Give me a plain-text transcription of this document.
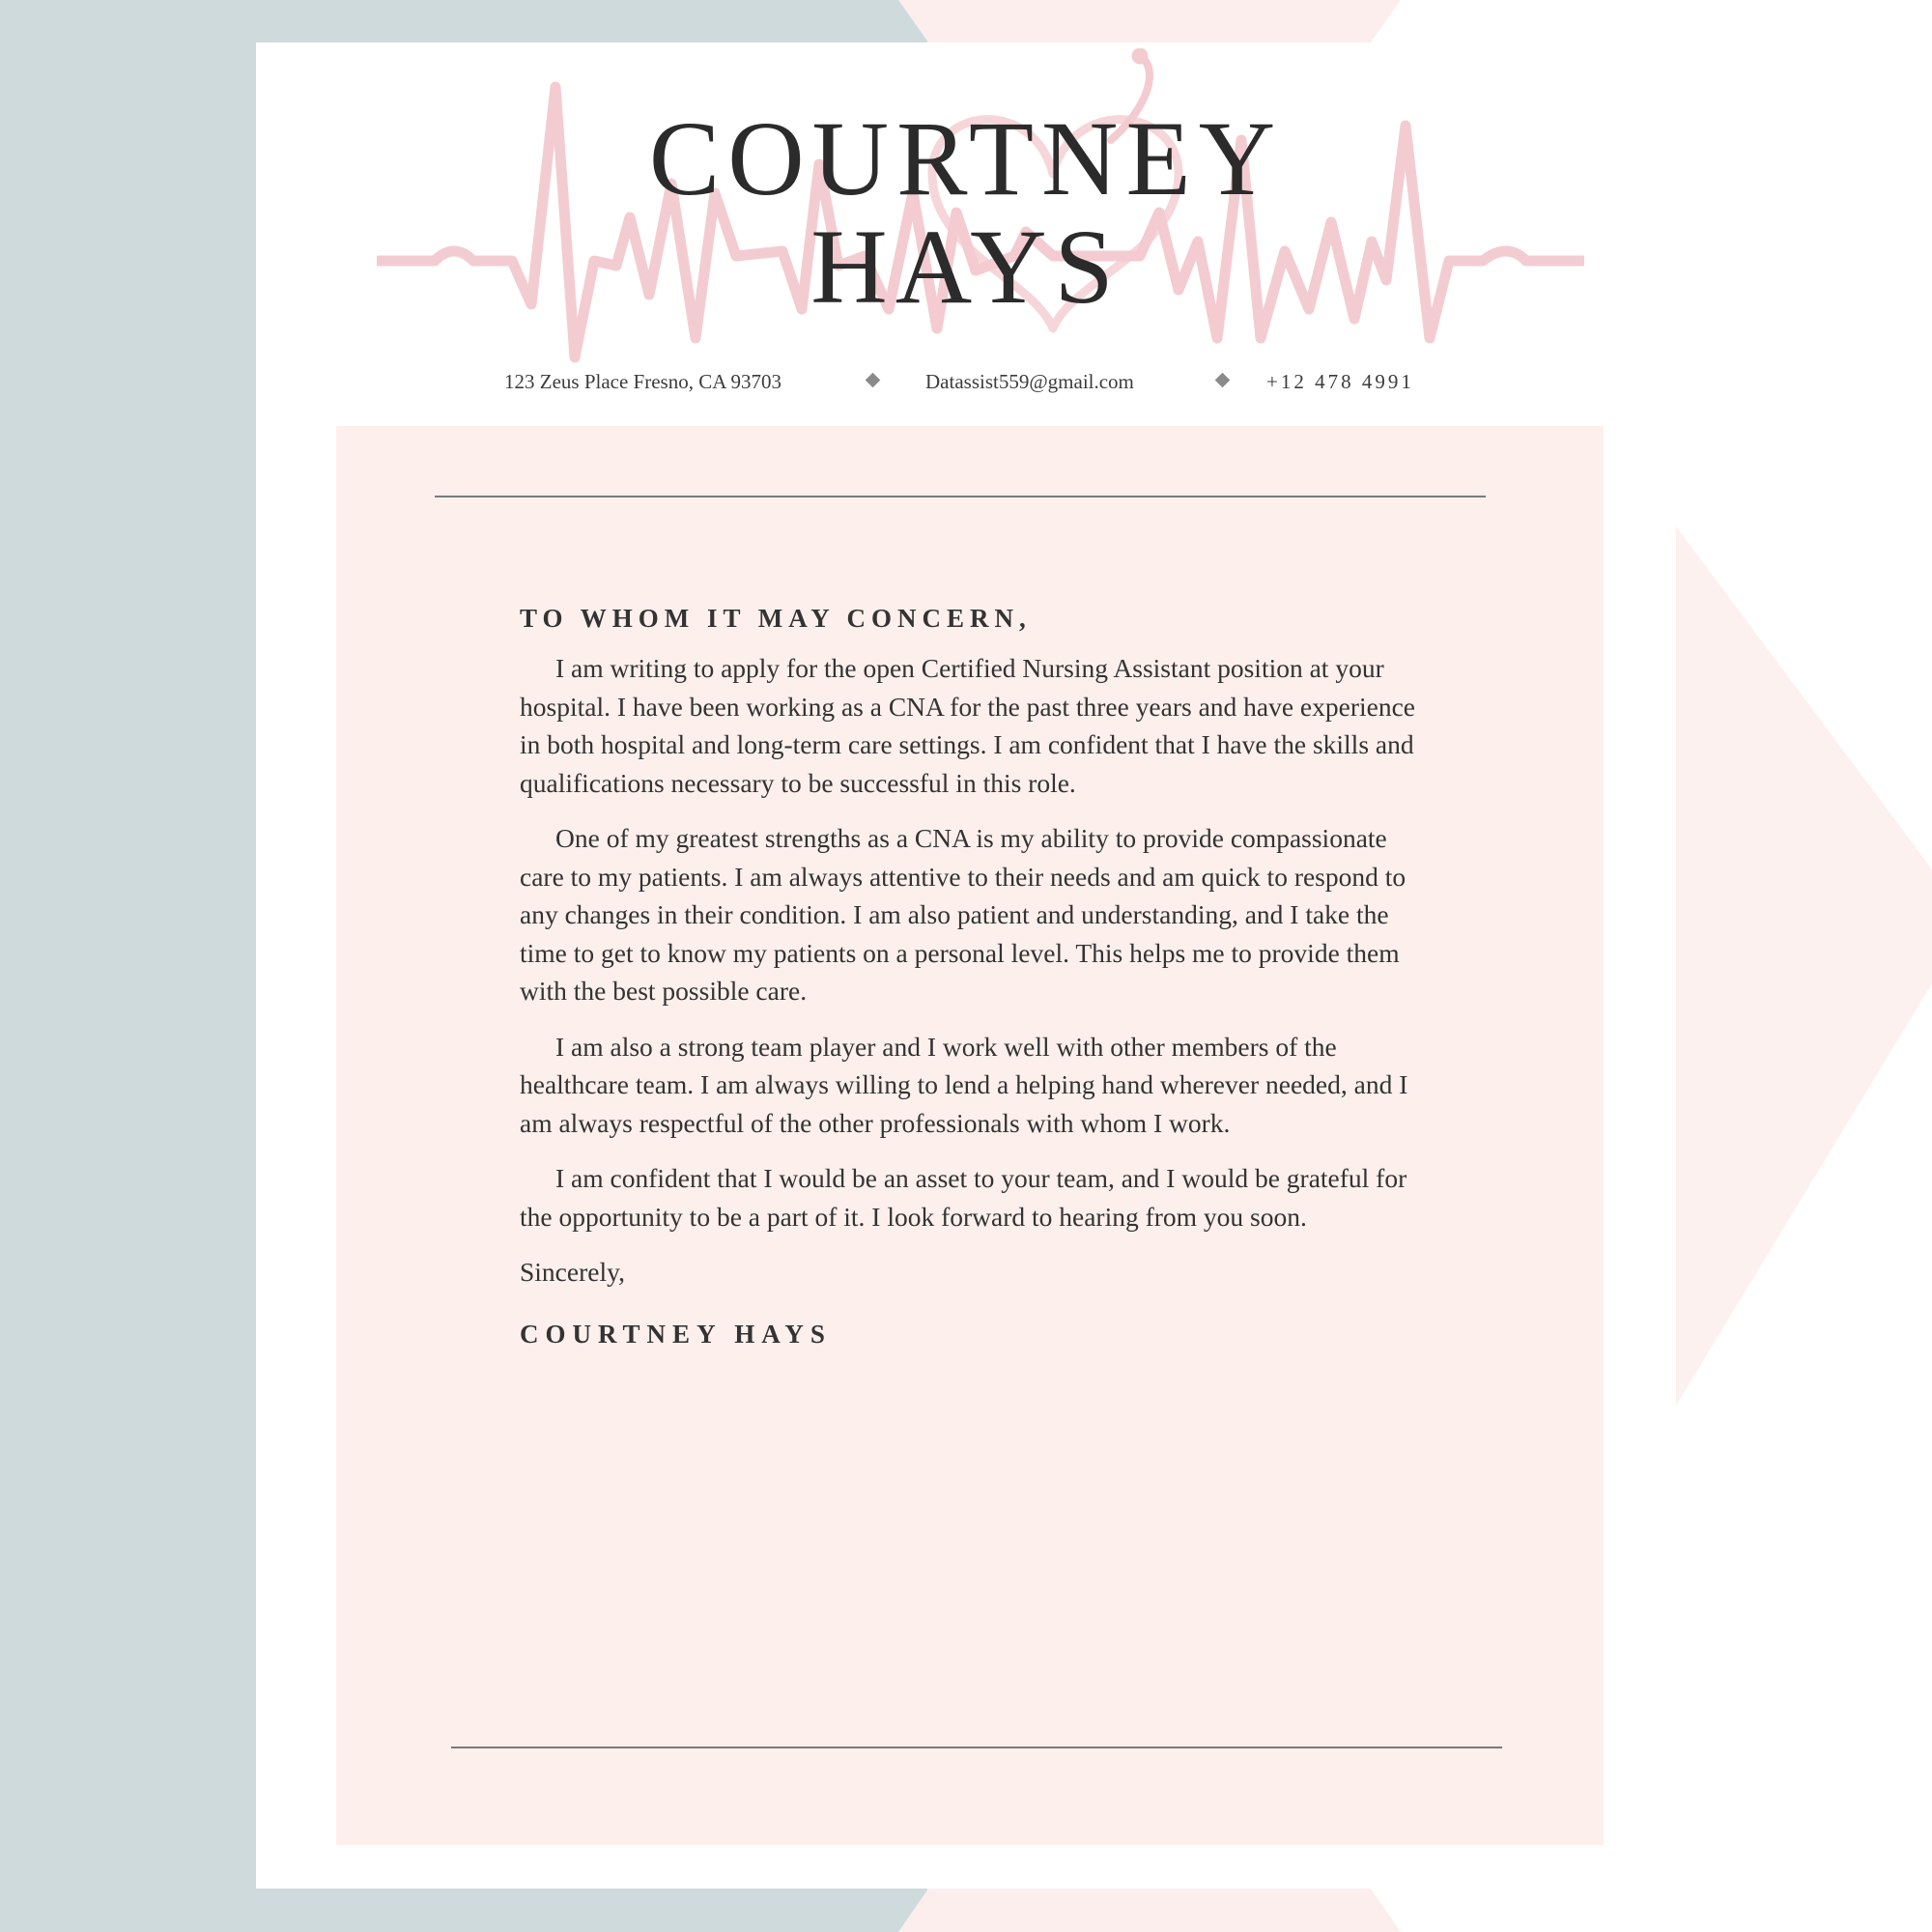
COURTNEY
HAYS
123 Zeus Place Fresno, CA 93703	Datassist559@gmail.com	+12 478 4991

TO WHOM IT MAY CONCERN,

I am writing to apply for the open Certified Nursing Assistant position at your hospital. I have been working as a CNA for the past three years and have experience in both hospital and long-term care settings. I am confident that I have the skills and qualifications necessary to be successful in this role.

One of my greatest strengths as a CNA is my ability to provide compassionate care to my patients. I am always attentive to their needs and am quick to respond to any changes in their condition. I am also patient and understanding, and I take the time to get to know my patients on a personal level. This helps me to provide them with the best possible care.

I am also a strong team player and I work well with other members of the healthcare team. I am always willing to lend a helping hand wherever needed, and I am always respectful of the other professionals with whom I work.

I am confident that I would be an asset to your team, and I would be grateful for the opportunity to be a part of it. I look forward to hearing from you soon.

Sincerely,

COURTNEY HAYS
